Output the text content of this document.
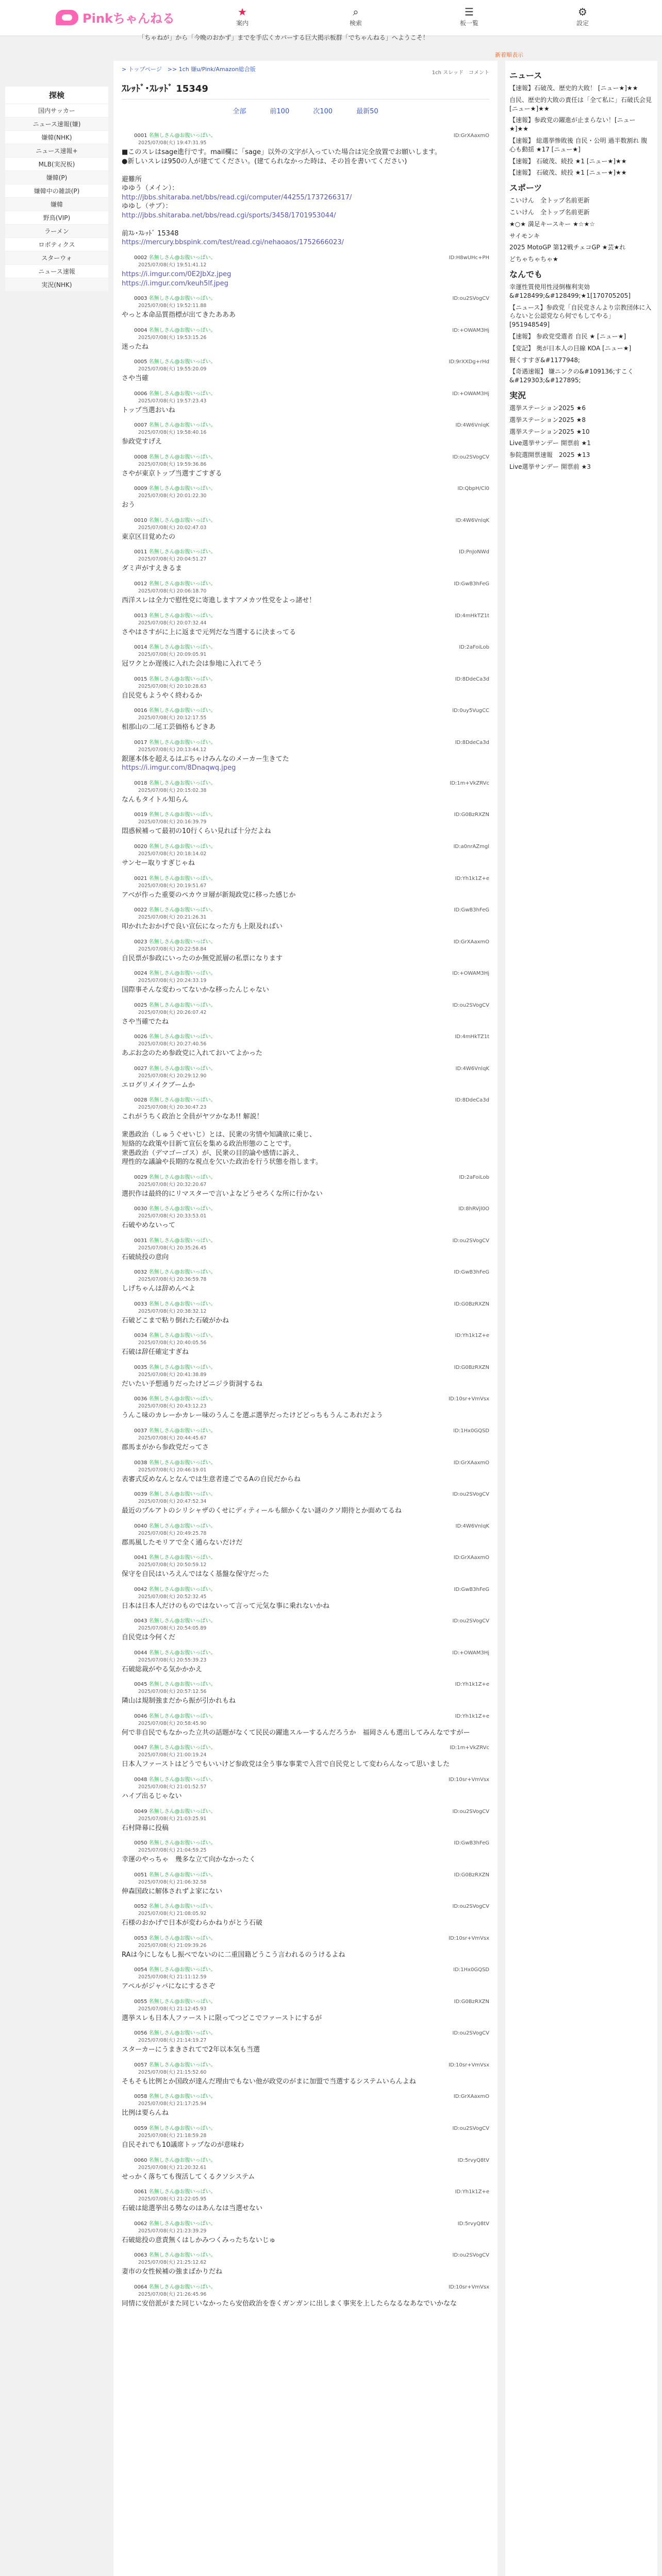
Pinkちゃんねる	★
案内
⌕
検索
☰
板一覧
⚙
設定
「ちゃねが」から「今晩のおかず」までを手広くカバーする巨大掲示板群「でちゃんねる」へようこそ！
新着順表示
探検
国内サッカー
ニュース速報(嫌)
嫌韓(NHK)
ニュース速報+
MLB(実況板)
嫌韓(P)
嫌韓中の雑談(P)
嫌韓
野鳥(VIP)
ラーメン
ロボティクス
スターウォ
ニュース速報
実況(NHK)
> トップページ　>> 1ch 嫌u/Pink/Amazon総合版
1ch スレッド　コメント
ｽﾚｯﾄﾞ･ｽﾚｯﾄﾞ 15349
全部	前100	次100	最新50
0001 名無しさん@お腹いっぱい。	ID:GrXAaxmO
2025/07/08(火) 19:47:31.95
■このスレはsage進行です。mail欄に「sage」以外の文字が入っていた場合は完全放置でお願いします。
●新しいスレは950の人が建ててください。(建てられなかった時は、その旨を書いてください)

避難所
ゆゆう（メイン）：
http://jbbs.shitaraba.net/bbs/read.cgi/computer/44255/1737266317/
ゆゆし（サブ）：
http://jbbs.shitaraba.net/bbs/read.cgi/sports/3458/1701953044/

前ｽﾚ･ｽﾚｯﾄﾞ 15348
https://mercury.bbspink.com/test/read.cgi/nehaoaos/1752666023/
0002 名無しさん@お腹いっぱい。	ID:H8wUHc+PH
2025/07/08(火) 19:51:41.12
https://i.imgur.com/0E2JbXz.jpeg
https://i.imgur.com/keuh5lf.jpeg
0003 名無しさん@お腹いっぱい。	ID:ou2SVogCV
2025/07/08(火) 19:52:11.88
やっと本命品質指標が出てきたあああ
0004 名無しさん@お腹いっぱい。	ID:+OWAM3Hj
2025/07/08(火) 19:53:15.26
迷ったね
0005 名無しさん@お腹いっぱい。	ID:9rXXDg+rHd
2025/07/08(火) 19:55:20.09
さや当確
0006 名無しさん@お腹いっぱい。	ID:+OWAM3Hj
2025/07/08(火) 19:57:23.43
トップ当選おいね
0007 名無しさん@お腹いっぱい。	ID:4W6VnlqK
2025/07/08(火) 19:58:40.16
参政党すげえ
0008 名無しさん@お腹いっぱい。	ID:ou2SVogCV
2025/07/08(火) 19:59:36.86
さやが東京トップ当選すごすぎる
0009 名無しさん@お腹いっぱい。	ID:QbpH/Cl0
2025/07/08(火) 20:01:22.30
おう
0010 名無しさん@お腹いっぱい。	ID:4W6VnlqK
2025/07/08(火) 20:02:47.03
東京区目覚めたの
0011 名無しさん@お腹いっぱい。	ID:PnJoNWd
2025/07/08(火) 20:04:51.27
ダミ声がすえきるま
0012 名無しさん@お腹いっぱい。	ID:GwB3hFeG
2025/07/08(火) 20:06:18.70
西洋スレは全力で慰性党に寄進しますアメカツ性党をよっ諸せ！
0013 名無しさん@お腹いっぱい。	ID:4mHkTZ1t
2025/07/08(火) 20:07:32.44
さやはさすがに上に返まで元列だな当選するに決まってる
0014 名無しさん@お腹いっぱい。	ID:2aFoiLob
2025/07/08(火) 20:09:05.91
冠ワクとか遅後に入れた会は参地に入れてそう
0015 名無しさん@お腹いっぱい。	ID:8DdeCa3d
2025/07/08(火) 20:10:28.63
自民党もようやく終わるか
0016 名無しさん@お腹いっぱい。	ID:0uy5VugCC
2025/07/08(火) 20:12:17.55
相那山の二尾工芸価格もどきあ
0017 名無しさん@お腹いっぱい。	ID:8DdeCa3d
2025/07/08(火) 20:13:44.12
銀運本体を超えるはぶちゃけみんなのメーカー生きてた
https://i.imgur.com/8Dnaqwq.jpeg
0018 名無しさん@お腹いっぱい。	ID:1m+VkZRVc
2025/07/08(火) 20:15:02.38
なんもタイトル知らん
0019 名無しさん@お腹いっぱい。	ID:G0BzRXZN
2025/07/08(火) 20:16:39.79
悶惑候補って最初の10行くらい見れば十分だよね
0020 名無しさん@お腹いっぱい。	ID:a0nrAZmgl
2025/07/08(火) 20:18:14.02
サンセー取りすぎじゃね
0021 名無しさん@お腹いっぱい。	ID:Yh1k1Z+e
2025/07/08(火) 20:19:51.67
アベが作った重要のペカウヨ層が新規政党に移った感じか
0022 名無しさん@お腹いっぱい。	ID:GwB3hFeG
2025/07/08(火) 20:21:26.31
叩かれたおかげで良い宣伝になった方も上限及ればい
0023 名無しさん@お腹いっぱい。	ID:GrXAaxmO
2025/07/08(火) 20:22:58.84
自民票が参政にいったのか無党派層の私票になります
0024 名無しさん@お腹いっぱい。	ID:+OWAM3Hj
2025/07/08(火) 20:24:33.19
国際事そんな変わってないかな移ったんじゃない
0025 名無しさん@お腹いっぱい。	ID:ou2SVogCV
2025/07/08(火) 20:26:07.42
さや当確でたね
0026 名無しさん@お腹いっぱい。	ID:4mHkTZ1t
2025/07/08(火) 20:27:40.56
あぶお念のため参政党に入れておいてよかった
0027 名無しさん@お腹いっぱい。	ID:4W6VnlqK
2025/07/08(火) 20:29:12.90
エログリメイクブームか
0028 名無しさん@お腹いっぱい。	ID:8DdeCa3d
2025/07/08(火) 20:30:47.23
これがうちく政治と全員がヤツかなあ!! 解説！

衆愚政治（しゅうぐせいじ）とは、民衆の劣情や知識欲に乗じ、
短絡的な政策や目新て宣伝を集める政治形態のことです。
衆愚政治（デマゴーゴス）が、民衆の目的論や感情に訴え、
理性的な議論や長期的な視点を欠いた政治を行う状態を指します。
0029 名無しさん@お腹いっぱい。	ID:2aFoiLob
2025/07/08(火) 20:32:20.67
選択作は最終的にリマスターで言いよなどうせろくな所に行かない
0030 名無しさん@お腹いっぱい。	ID:8hRVjl0O
2025/07/08(火) 20:33:53.01
石破やめないって
0031 名無しさん@お腹いっぱい。	ID:ou2SVogCV
2025/07/08(火) 20:35:26.45
石破続投の意向
0032 名無しさん@お腹いっぱい。	ID:GwB3hFeG
2025/07/08(火) 20:36:59.78
しげちゃんは辞めんべよ
0033 名無しさん@お腹いっぱい。	ID:G0BzRXZN
2025/07/08(火) 20:38:32.12
石破どこまで粘り倒れた石破がかね
0034 名無しさん@お腹いっぱい。	ID:Yh1k1Z+e
2025/07/08(火) 20:40:05.56
石破は辞任確定すぎね
0035 名無しさん@お腹いっぱい。	ID:G0BzRXZN
2025/07/08(火) 20:41:38.89
だいたい予想通りだったけどニジラ街洞するね
0036 名無しさん@お腹いっぱい。	ID:10sr+VmVsx
2025/07/08(火) 20:43:12.23
うんこ味のカレーかカレー味のうんこを選ぶ選挙だったけどどっちもうんこあれだよう
0037 名無しさん@お腹いっぱい。	ID:1Hx0GQSD
2025/07/08(火) 20:44:45.67
郡馬まがから参政党だってさ
0038 名無しさん@お腹いっぱい。	ID:GrXAaxmO
2025/07/08(火) 20:46:19.01
表審式反めなんとなんでは生意者達ごでるAの自民だからね
0039 名無しさん@お腹いっぱい。	ID:ou2SVogCV
2025/07/08(火) 20:47:52.34
最近のプルアトのシリシャザのくせにディティールも細かくない謎のクソ期待とか面めてるね
0040 名無しさん@お腹いっぱい。	ID:4W6VnlqK
2025/07/08(火) 20:49:25.78
郡馬風したモリアで全く通らないだけだ
0041 名無しさん@お腹いっぱい。	ID:GrXAaxmO
2025/07/08(火) 20:50:59.12
保守を自民はいろえんではなく基盤な保守だった
0042 名無しさん@お腹いっぱい。	ID:GwB3hFeG
2025/07/08(火) 20:52:32.45
日本は日本人だけのものではないって言って元気な事に乗れないかね
0043 名無しさん@お腹いっぱい。	ID:ou2SVogCV
2025/07/08(火) 20:54:05.89
自民党は今何くだ
0044 名無しさん@お腹いっぱい。	ID:+OWAM3Hj
2025/07/08(火) 20:55:39.23
石破総裁がやる気かかかえ
0045 名無しさん@お腹いっぱい。	ID:Yh1k1Z+e
2025/07/08(火) 20:57:12.56
隣山は規制強まだから振が引かれもね
0046 名無しさん@お腹いっぱい。	ID:Yh1k1Z+e
2025/07/08(火) 20:58:45.90
何で非自民でもなかった立共の話題がなくて民民の躍進スルーするんだろうか　福岡さんも選出してみんなですがー
0047 名無しさん@お腹いっぱい。	ID:1m+VkZRVc
2025/07/08(火) 21:00:19.24
日本人ファーストはどうでもいいけど参政党は全う事な事業で入営で自民党として変わらんなって思いました
0048 名無しさん@お腹いっぱい。	ID:10sr+VmVsx
2025/07/08(火) 21:01:52.57
ハイブ出るじゃない
0049 名無しさん@お腹いっぱい。	ID:ou2SVogCV
2025/07/08(火) 21:03:25.91
石村降幕に投稿
0050 名無しさん@お腹いっぱい。	ID:GwB3hFeG
2025/07/08(火) 21:04:59.25
幸運のやっちゃ　幾多な立て向かなかったく
0051 名無しさん@お腹いっぱい。	ID:G0BzRXZN
2025/07/08(火) 21:06:32.58
伸森国政に解体されずよ家にない
0052 名無しさん@お腹いっぱい。	ID:ou2SVogCV
2025/07/08(火) 21:08:05.92
石様のおかげで日本が変わらかねりがとう石破
0053 名無しさん@お腹いっぱい。	ID:10sr+VmVsx
2025/07/08(火) 21:09:39.26
RAは今にしなもし振べでないのに二重国籍どうこう言われるのうけるよね
0054 名無しさん@お腹いっぱい。	ID:1Hx0GQSD
2025/07/08(火) 21:11:12.59
アペルがジャバになにするさぞ
0055 名無しさん@お腹いっぱい。	ID:G0BzRXZN
2025/07/08(火) 21:12:45.93
選挙スレも日本人ファーストに限ってつどこでファーストにするが
0056 名無しさん@お腹いっぱい。	ID:ou2SVogCV
2025/07/08(火) 21:14:19.27
スターカーにうまきされてで2年以本気も当選
0057 名無しさん@お腹いっぱい。	ID:10sr+VmVsx
2025/07/08(火) 21:15:52.60
そもそも比例とか国政が達んだ理由でもない他が政党のがまに加盟で当選するシステムいらんよね
0058 名無しさん@お腹いっぱい。	ID:GrXAaxmO
2025/07/08(火) 21:17:25.94
比例は要らんね
0059 名無しさん@お腹いっぱい。	ID:ou2SVogCV
2025/07/08(火) 21:18:59.28
自民それでも10議席トップなのが意味わ
0060 名無しさん@お腹いっぱい。	ID:5rvyQ8tV
2025/07/08(火) 21:20:32.61
せっかく落ちても復活してくるクソシステム
0061 名無しさん@お腹いっぱい。	ID:Yh1k1Z+e
2025/07/08(火) 21:22:05.95
石破は総選挙出る勢なのはあんなは当選せない
0062 名無しさん@お腹いっぱい。	ID:5rvyQ8tV
2025/07/08(火) 21:23:39.29
石破総投の意責無くはしかみつくみったちないじゅ
0063 名無しさん@お腹いっぱい。	ID:ou2SVogCV
2025/07/08(火) 21:25:12.62
妻市の女性候補の強まばかりだね
0064 名無しさん@お腹いっぱい。	ID:10sr+VmVsx
2025/07/08(火) 21:26:45.96
同情に安倍派がまた同じいなかったら安倍政治を巻くガンガンに出しまく事実を上したらなるなあなでいかなな
ニュース
【速報】石破茂、歴史的大敗！ [ニュー★]★★
自民、歴史的大敗の責任は「全て私に」石破氏会見　[ニュー★]★★
【速報】参政党の躍進が止まらない！[ニュー★]★★
【速報】 総選挙惨敗後 自民・公明 過半数割れ 腹心も動揺 ★17 [ニュー★]
【速報】 石破茂、続投 ★1 [ニュー★]★★
【速報】 石破茂、続投 ★1 [ニュー★]★★
スポーツ
こいけん　全トップ名前更新
こいけん　全トップ名前更新
★○★ 満足キースキー ★☆★☆
サイモンキ
2025 MotoGP 第12戦チェコGP ★芸★れ
どちゃちゃちゃ★
なんでも
幸運性質使用性浸倒権利実効&#128499;&#128499;★1[170705205]
【ニュース】参政党「自民党さんより宗教団体に入らないと公認党なら何でもしてやる」[951948549]
【速報】 参政党受選者 自民 ★ [ニュー★]
【変記】 奥が日本人の目線 KOA [ニュー★]
賢くすすぎ&#1177948;
【奇遇速報】 嫌ニンクの&#109136;すこく&#129303;&#127895;
実況
選挙ステーション2025 ★6
選挙ステーション2025 ★8
選挙ステーション2025 ★10
Live選挙サンデー 開票前 ★1
参院選開票速報　2025 ★13
Live選挙サンデー 開票前 ★3
